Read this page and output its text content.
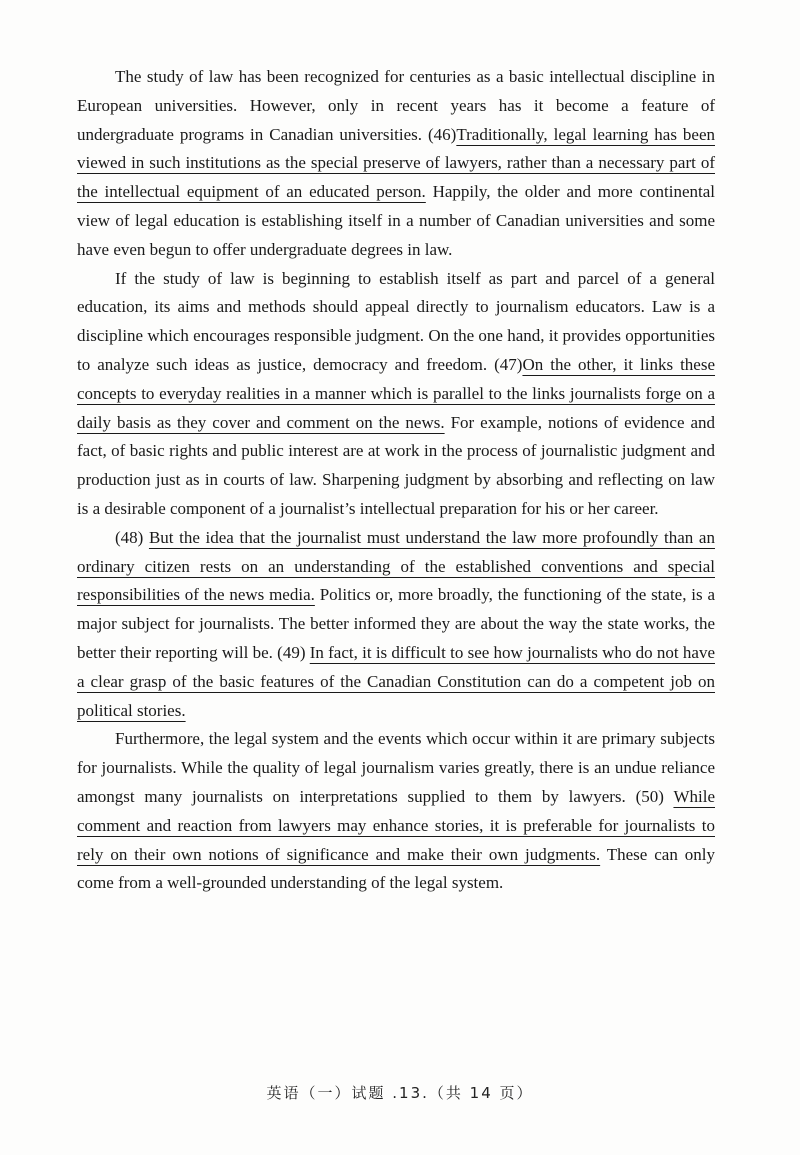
The study of law has been recognized for centuries as a basic intellectual discipline in European universities. However, only in recent years has it become a feature of undergraduate programs in Canadian universities. (46)Traditionally, legal learning has been viewed in such institutions as the special preserve of lawyers, rather than a necessary part of the intellectual equipment of an educated person. Happily, the older and more continental view of legal education is establishing itself in a number of Canadian universities and some have even begun to offer undergraduate degrees in law.

If the study of law is beginning to establish itself as part and parcel of a general education, its aims and methods should appeal directly to journalism educators. Law is a discipline which encourages responsible judgment. On the one hand, it provides opportunities to analyze such ideas as justice, democracy and freedom. (47)On the other, it links these concepts to everyday realities in a manner which is parallel to the links journalists forge on a daily basis as they cover and comment on the news. For example, notions of evidence and fact, of basic rights and public interest are at work in the process of journalistic judgment and production just as in courts of law. Sharpening judgment by absorbing and reflecting on law is a desirable component of a journalist’s intellectual preparation for his or her career.

(48) But the idea that the journalist must understand the law more profoundly than an ordinary citizen rests on an understanding of the established conventions and special responsibilities of the news media. Politics or, more broadly, the functioning of the state, is a major subject for journalists. The better informed they are about the way the state works, the better their reporting will be. (49) In fact, it is difficult to see how journalists who do not have a clear grasp of the basic features of the Canadian Constitution can do a competent job on political stories.

Furthermore, the legal system and the events which occur within it are primary subjects for journalists. While the quality of legal journalism varies greatly, there is an undue reliance amongst many journalists on interpretations supplied to them by lawyers. (50) While comment and reaction from lawyers may enhance stories, it is preferable for journalists to rely on their own notions of significance and make their own judgments. These can only come from a well-grounded understanding of the legal system.

英语（一）试题 .13.（共 14 页）
